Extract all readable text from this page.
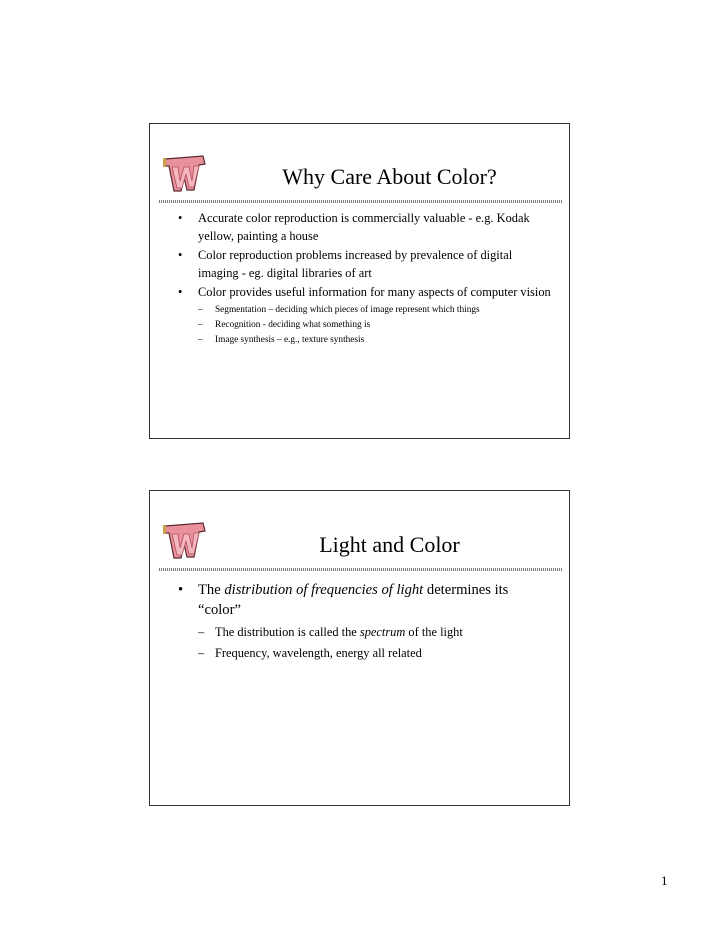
Why Care About Color?
• Accurate color reproduction is commercially valuable - e.g. Kodak yellow, painting a house
• Color reproduction problems increased by prevalence of digital imaging - eg. digital libraries of art
• Color provides useful information for many aspects of computer vision
– Segmentation – deciding which pieces of image represent which things
– Recognition - deciding what something is
– Image synthesis – e.g., texture synthesis
Light and Color
• The distribution of frequencies of light determines its “color”
– The distribution is called the spectrum of the light
– Frequency, wavelength, energy all related
1
